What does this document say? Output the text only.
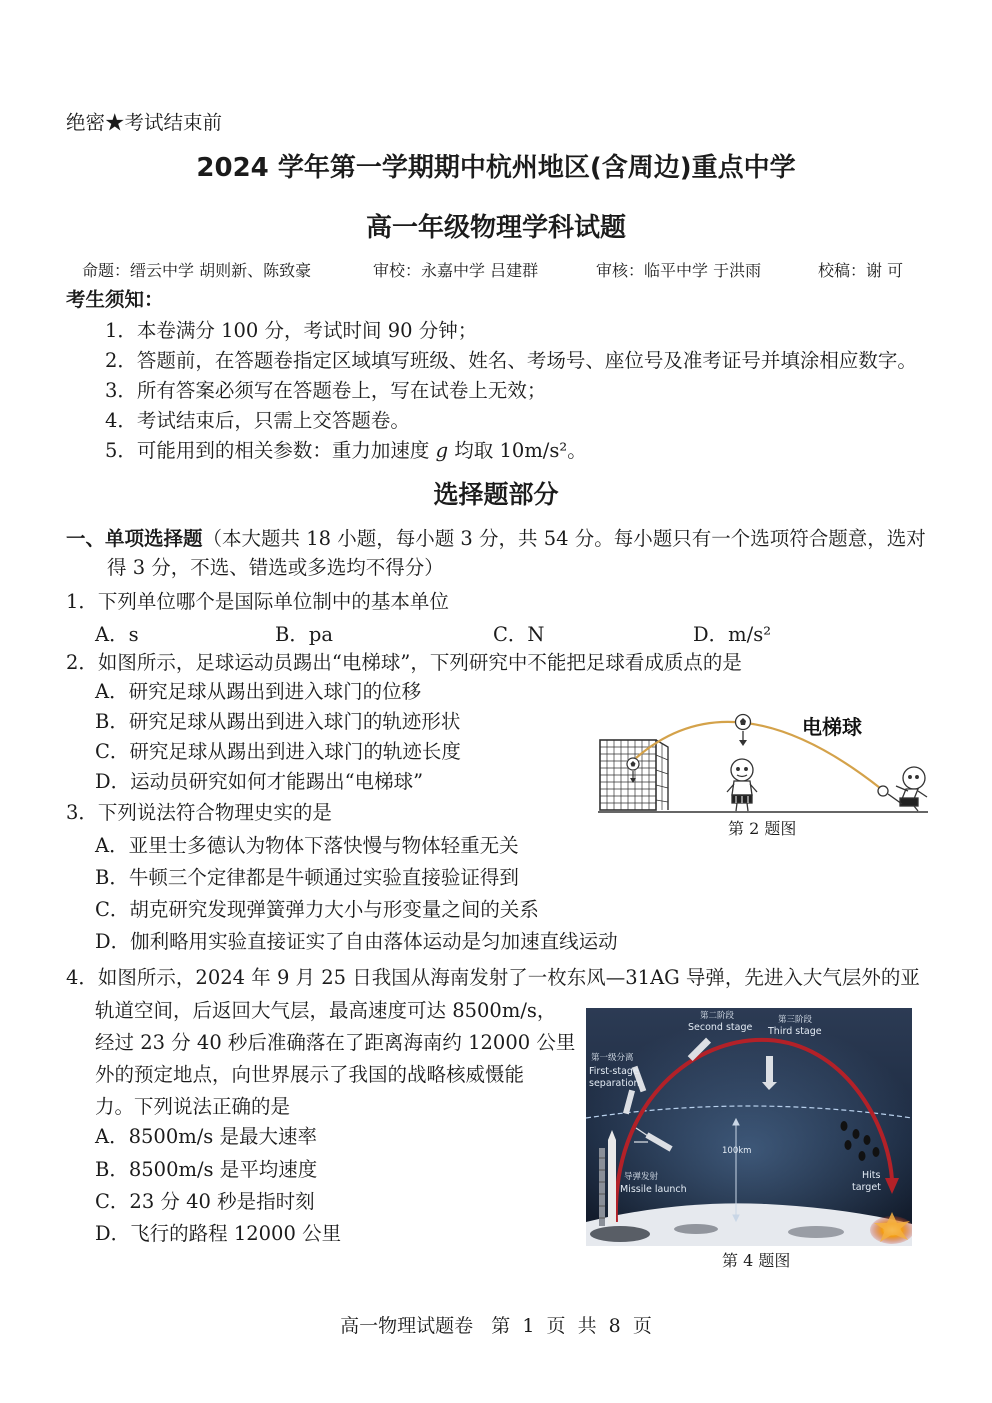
绝密★考试结束前
2024 学年第一学期期中杭州地区(含周边)重点中学
高一年级物理学科试题
命题：缙云中学 胡则新、陈致豪	审校：永嘉中学 吕建群	审核：临平中学 于洪雨	校稿：谢 可
考生须知：
1．本卷满分 100 分，考试时间 90 分钟；
2．答题前，在答题卷指定区域填写班级、姓名、考场号、座位号及准考证号并填涂相应数字。
3．所有答案必须写在答题卷上，写在试卷上无效；
4．考试结束后，只需上交答题卷。
5．可能用到的相关参数：重力加速度 g 均取 10m/s²。
选择题部分
一、单项选择题（本大题共 18 小题，每小题 3 分，共 54 分。每小题只有一个选项符合题意，选对
得 3 分，不选、错选或多选均不得分）
1．下列单位哪个是国际单位制中的基本单位
A．s	B．pa	C．N	D．m/s²
2．如图所示，足球运动员踢出“电梯球”，下列研究中不能把足球看成质点的是
A．研究足球从踢出到进入球门的位移
B．研究足球从踢出到进入球门的轨迹形状
C．研究足球从踢出到进入球门的轨迹长度
D．运动员研究如何才能踢出“电梯球”
电梯球
第 2 题图
3．下列说法符合物理史实的是
A．亚里士多德认为物体下落快慢与物体轻重无关
B．牛顿三个定律都是牛顿通过实验直接验证得到
C．胡克研究发现弹簧弹力大小与形变量之间的关系
D．伽利略用实验直接证实了自由落体运动是匀加速直线运动
4．如图所示，2024 年 9 月 25 日我国从海南发射了一枚东风—31AG 导弹，先进入大气层外的亚
轨道空间，后返回大气层，最高速度可达 8500m/s，
经过 23 分 40 秒后准确落在了距离海南约 12000 公里
外的预定地点，向世界展示了我国的战略核威慑能
力。下列说法正确的是
A．8500m/s 是最大速率
B．8500m/s 是平均速度
C．23 分 40 秒是指时刻
D．飞行的路程 12000 公里
第二阶段
Second stage
第三阶段
Third stage
第一级分离
First-stage
separation
导弹发射
Missile launch
100km
Hits
target
第 4 题图
高一物理试题卷   第  1  页  共  8  页
